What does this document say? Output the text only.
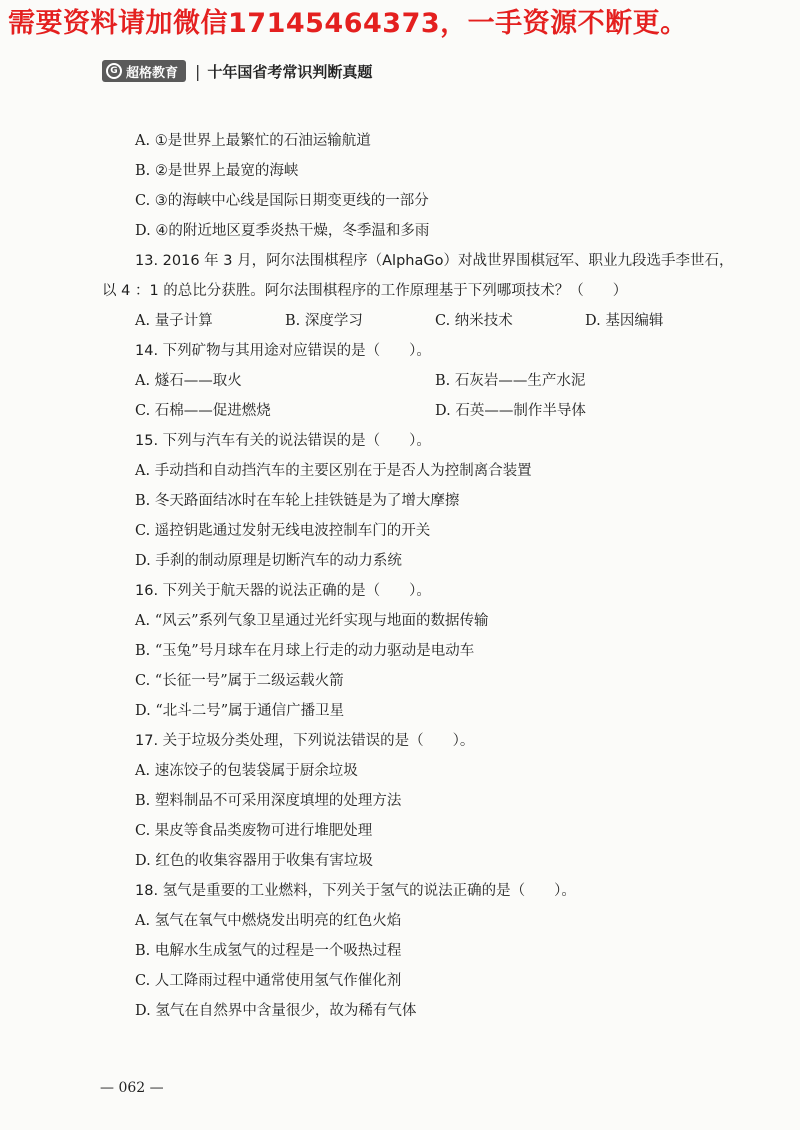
需要资料请加微信17145464373，一手资源不断更。
G 超格教育 | 十年国省考常识判断真题
A. ①是世界上最繁忙的石油运输航道
B. ②是世界上最宽的海峡
C. ③的海峡中心线是国际日期变更线的一部分
D. ④的附近地区夏季炎热干燥，冬季温和多雨
13. 2016 年 3 月，阿尔法围棋程序（AlphaGo）对战世界围棋冠军、职业九段选手李世石，
以 4 ：1 的总比分获胜。阿尔法围棋程序的工作原理基于下列哪项技术？（　　）
A. 量子计算	B. 深度学习	C. 纳米技术	D. 基因编辑
14. 下列矿物与其用途对应错误的是（　　）。
A. 燧石——取火	B. 石灰岩——生产水泥
C. 石棉——促进燃烧	D. 石英——制作半导体
15. 下列与汽车有关的说法错误的是（　　）。
A. 手动挡和自动挡汽车的主要区别在于是否人为控制离合装置
B. 冬天路面结冰时在车轮上挂铁链是为了增大摩擦
C. 遥控钥匙通过发射无线电波控制车门的开关
D. 手刹的制动原理是切断汽车的动力系统
16. 下列关于航天器的说法正确的是（　　）。
A. “风云”系列气象卫星通过光纤实现与地面的数据传输
B. “玉兔”号月球车在月球上行走的动力驱动是电动车
C. “长征一号”属于二级运载火箭
D. “北斗二号”属于通信广播卫星
17. 关于垃圾分类处理，下列说法错误的是（　　）。
A. 速冻饺子的包装袋属于厨余垃圾
B. 塑料制品不可采用深度填埋的处理方法
C. 果皮等食品类废物可进行堆肥处理
D. 红色的收集容器用于收集有害垃圾
18. 氢气是重要的工业燃料，下列关于氢气的说法正确的是（　　）。
A. 氢气在氧气中燃烧发出明亮的红色火焰
B. 电解水生成氢气的过程是一个吸热过程
C. 人工降雨过程中通常使用氢气作催化剂
D. 氢气在自然界中含量很少，故为稀有气体
— 062 —
